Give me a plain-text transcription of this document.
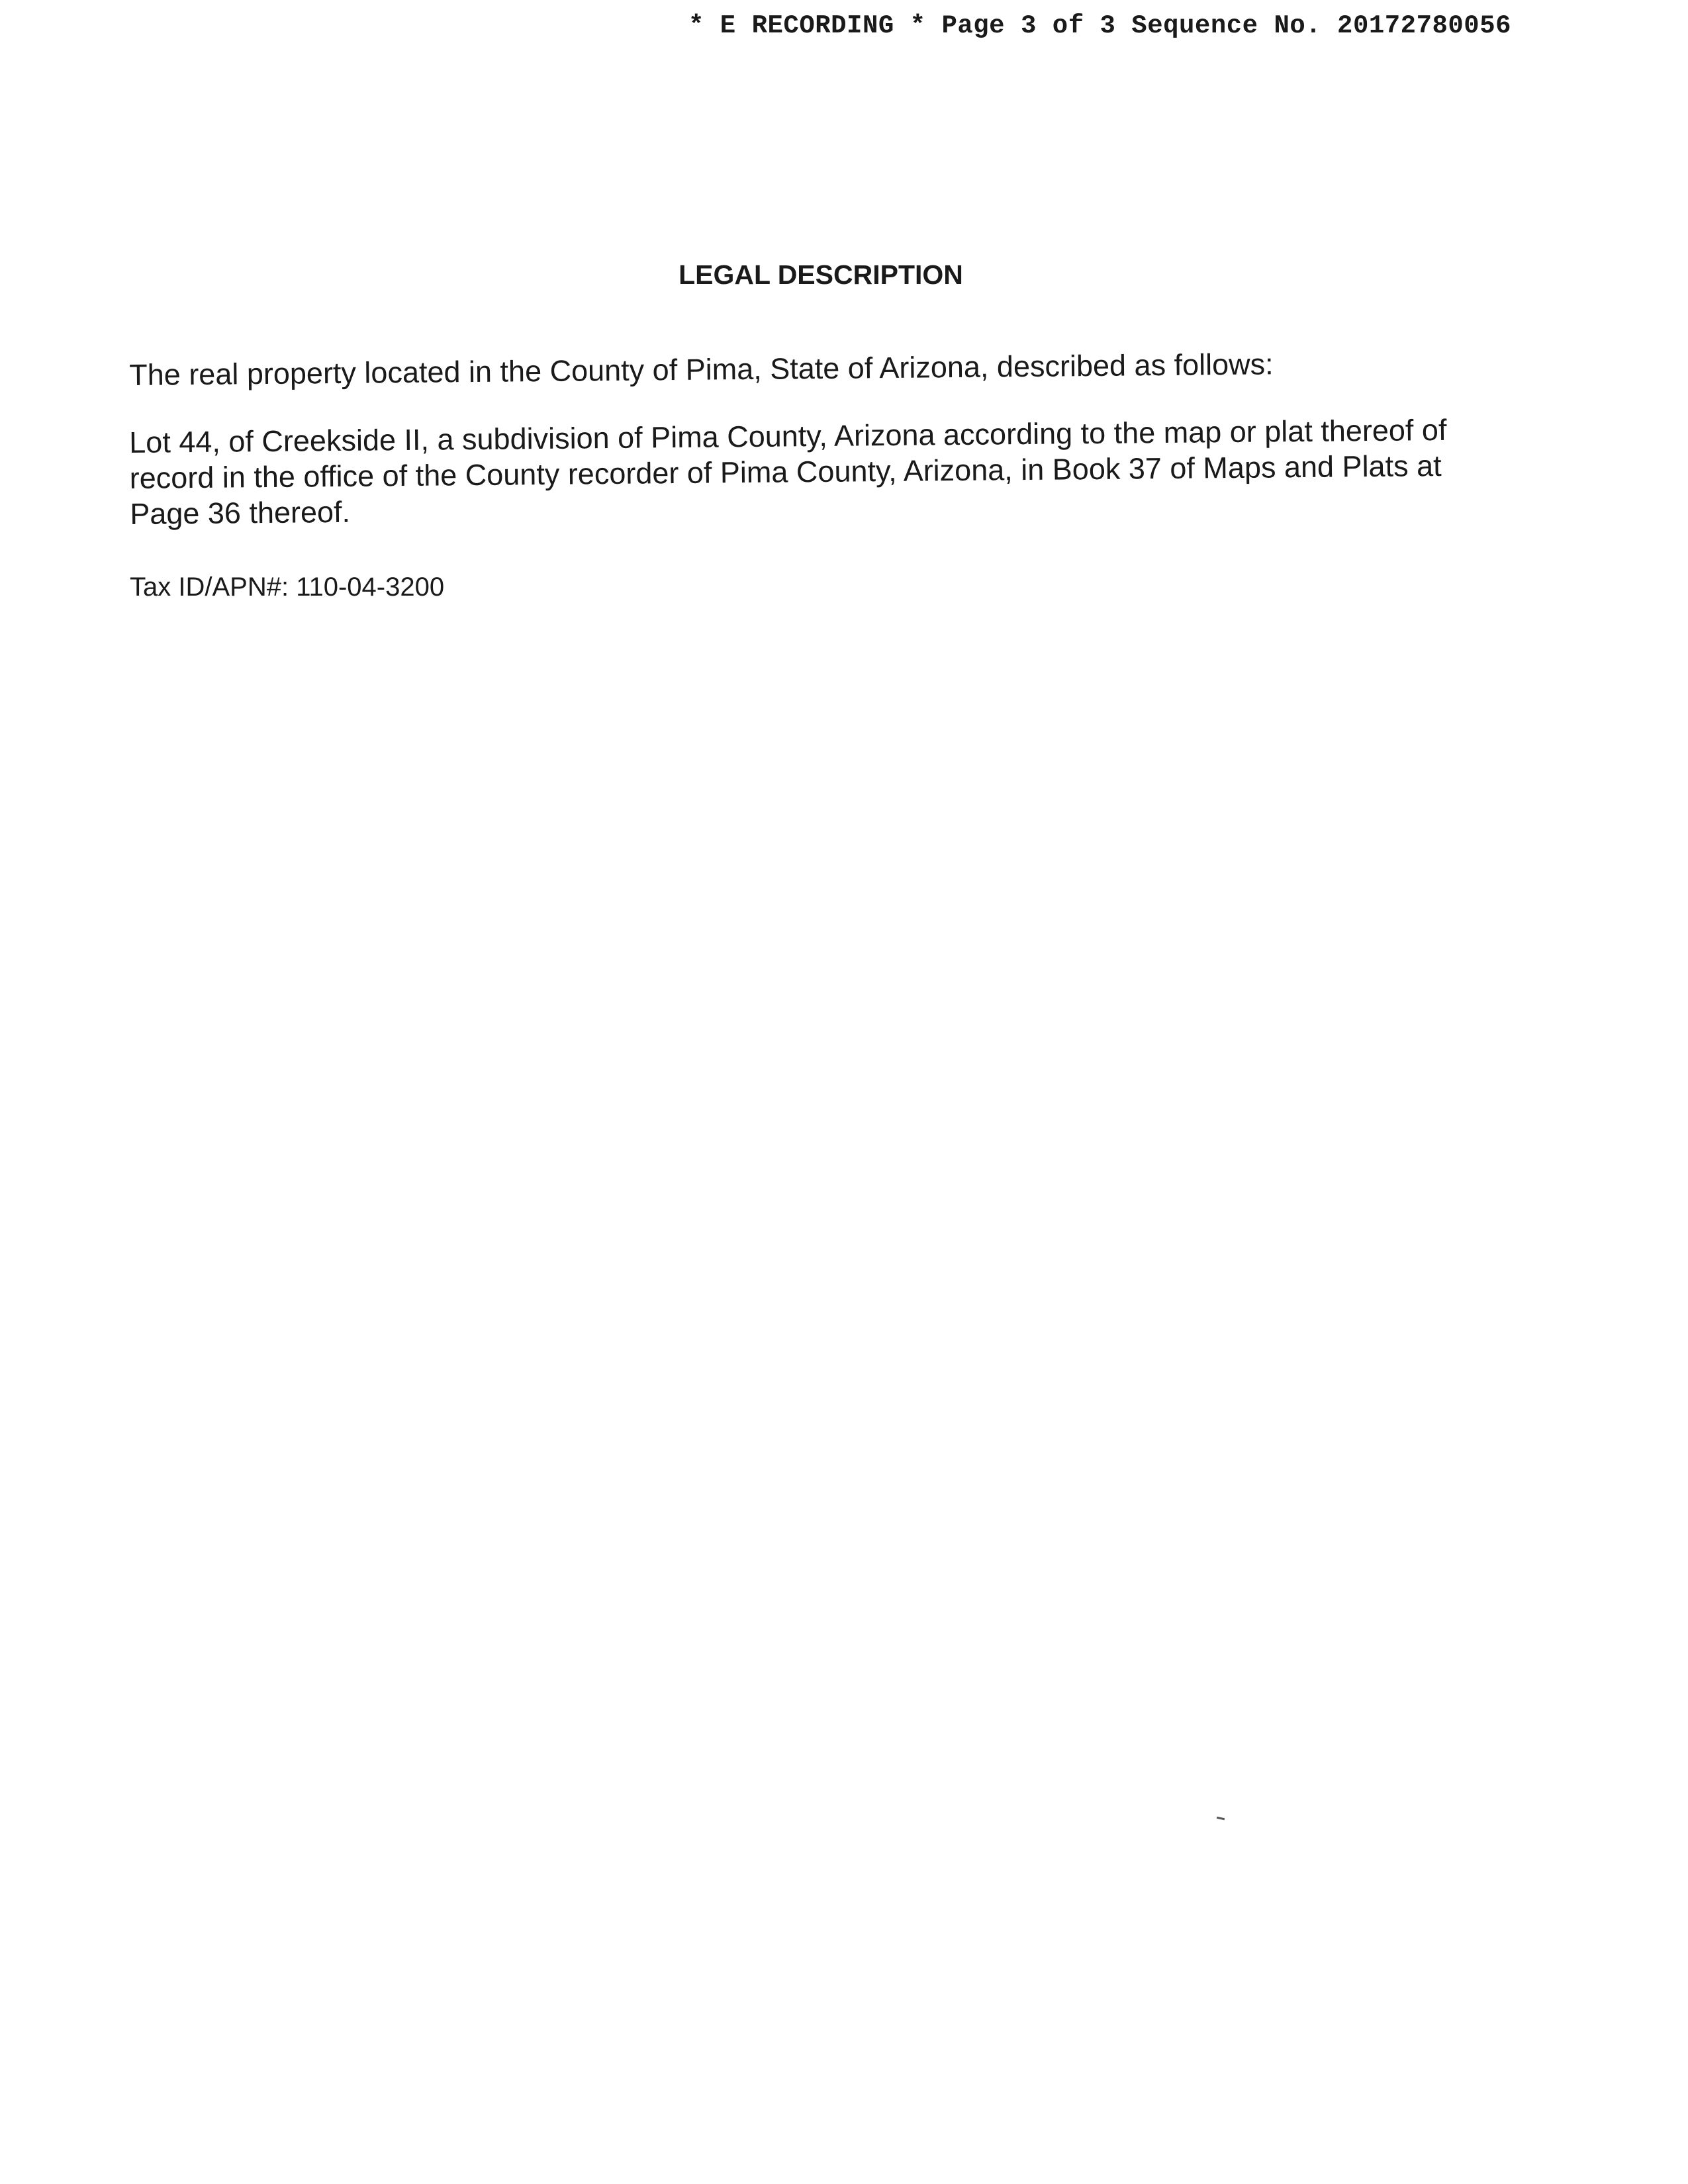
* E RECORDING * Page 3 of 3 Sequence No. 20172780056
LEGAL DESCRIPTION
The real property located in the County of Pima, State of Arizona, described as follows:
Lot 44, of Creekside II, a subdivision of Pima County, Arizona according to the map or plat thereof of
record in the office of the County recorder of Pima County, Arizona, in Book 37 of Maps and Plats at
Page 36 thereof.
Tax ID/APN#: 110-04-3200
